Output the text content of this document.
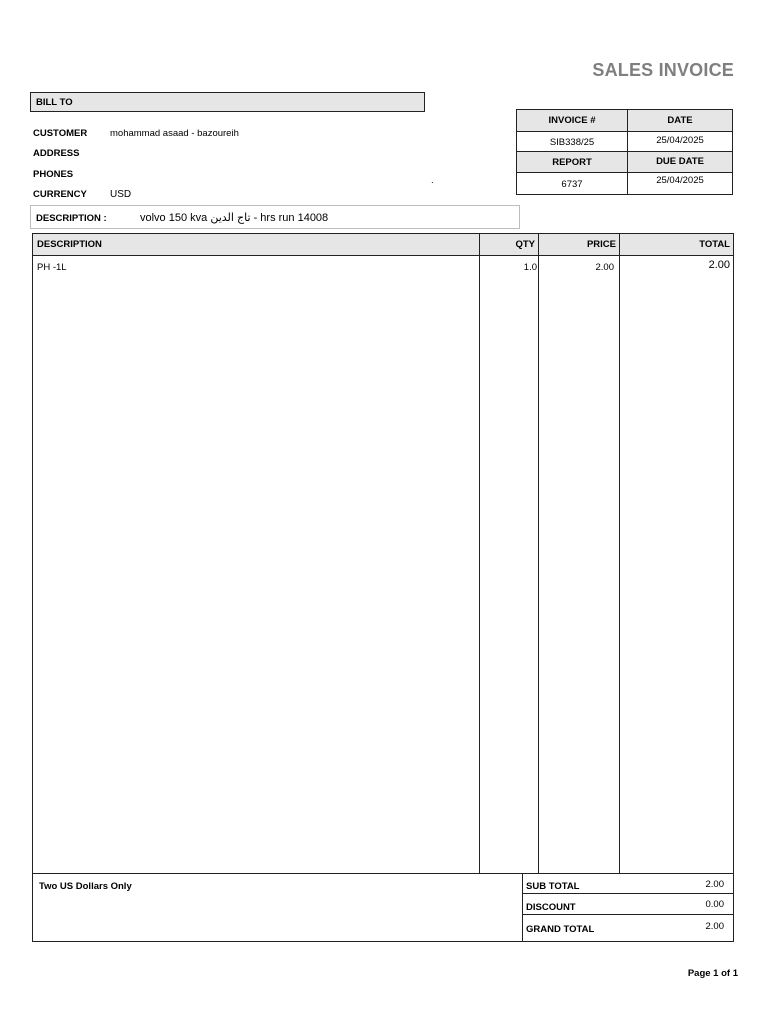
SALES INVOICE
BILL TO
CUSTOMER mohammad asaad - bazoureih
ADDRESS
PHONES
.
CURRENCY USD
INVOICE #	DATE
SIB338/25	25/04/2025
REPORT	DUE DATE
6737	25/04/2025
DESCRIPTION :	volvo 150 kva تاج الدين - hrs run 14008
DESCRIPTION	QTY	PRICE	TOTAL
PH -1L	1.0	2.00	2.00
Two US Dollars Only	SUB TOTAL	2.00
DISCOUNT	0.00
GRAND TOTAL	2.00
Page 1 of 1
